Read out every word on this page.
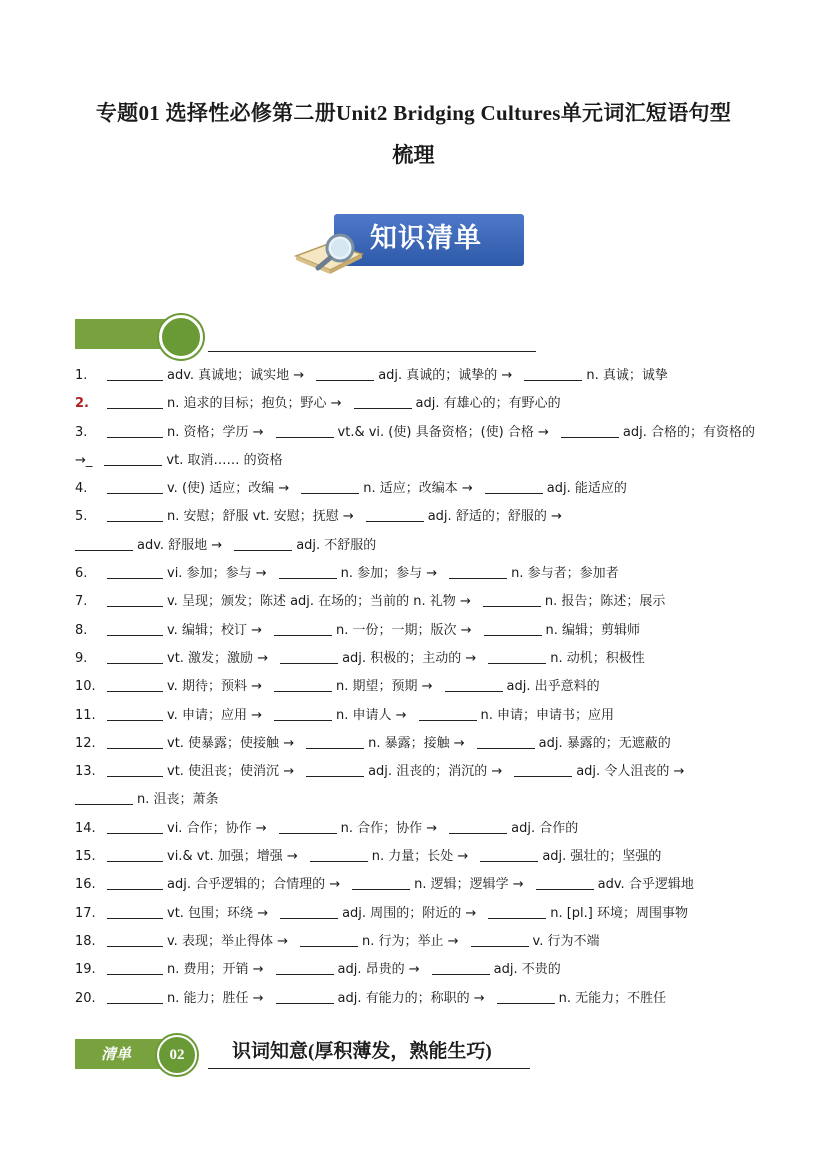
专题01 选择性必修第二册Unit2 Bridging Cultures单元词汇短语句型
梳理
知识清单
1.	adv. 真诚地；诚实地 →	adj. 真诚的；诚挚的 →	n. 真诚；诚挚
2.	n. 追求的目标；抱负；野心 →	adj. 有雄心的；有野心的
3.	n. 资格；学历 →	vt.& vi. (使) 具备资格；(使) 合格 →	adj. 合格的；有资格的 →_	vt. 取消…… 的资格
4.	v. (使) 适应；改编 →	n. 适应；改编本 →	adj. 能适应的
5.	n. 安慰；舒服 vt. 安慰；抚慰 →	adj. 舒适的；舒服的 →
adv. 舒服地 →	adj. 不舒服的
6.	vi. 参加；参与 →	n. 参加；参与 →	n. 参与者；参加者
7.	v. 呈现；颁发；陈述 adj. 在场的；当前的 n. 礼物 →	n. 报告；陈述；展示
8.	v. 编辑；校订 →	n. 一份；一期；版次 →	n. 编辑；剪辑师
9.	vt. 激发；激励 →	adj. 积极的；主动的 →	n. 动机；积极性
10.	v. 期待；预料 →	n. 期望；预期 →	adj. 出乎意料的
11.	v. 申请；应用 →	n. 申请人 →	n. 申请；申请书；应用
12.	vt. 使暴露；使接触 →	n. 暴露；接触 →	adj. 暴露的；无遮蔽的
13.	vt. 使沮丧；使消沉 →	adj. 沮丧的；消沉的 →	adj. 令人沮丧的 →
n. 沮丧；萧条
14.	vi. 合作；协作 →	n. 合作；协作 →	adj. 合作的
15.	vi.& vt. 加强；增强 →	n. 力量；长处 →	adj. 强壮的；坚强的
16.	adj. 合乎逻辑的；合情理的 →	n. 逻辑；逻辑学 →	adv. 合乎逻辑地
17.	vt. 包围；环绕 →	adj. 周围的；附近的 →	n. [pl.] 环境；周围事物
18.	v. 表现；举止得体 →	n. 行为；举止 →	v. 行为不端
19.	n. 费用；开销 →	adj. 昂贵的 →	adj. 不贵的
20.	n. 能力；胜任 →	adj. 有能力的；称职的 →	n. 无能力；不胜任
清单	02	识词知意(厚积薄发，熟能生巧)
